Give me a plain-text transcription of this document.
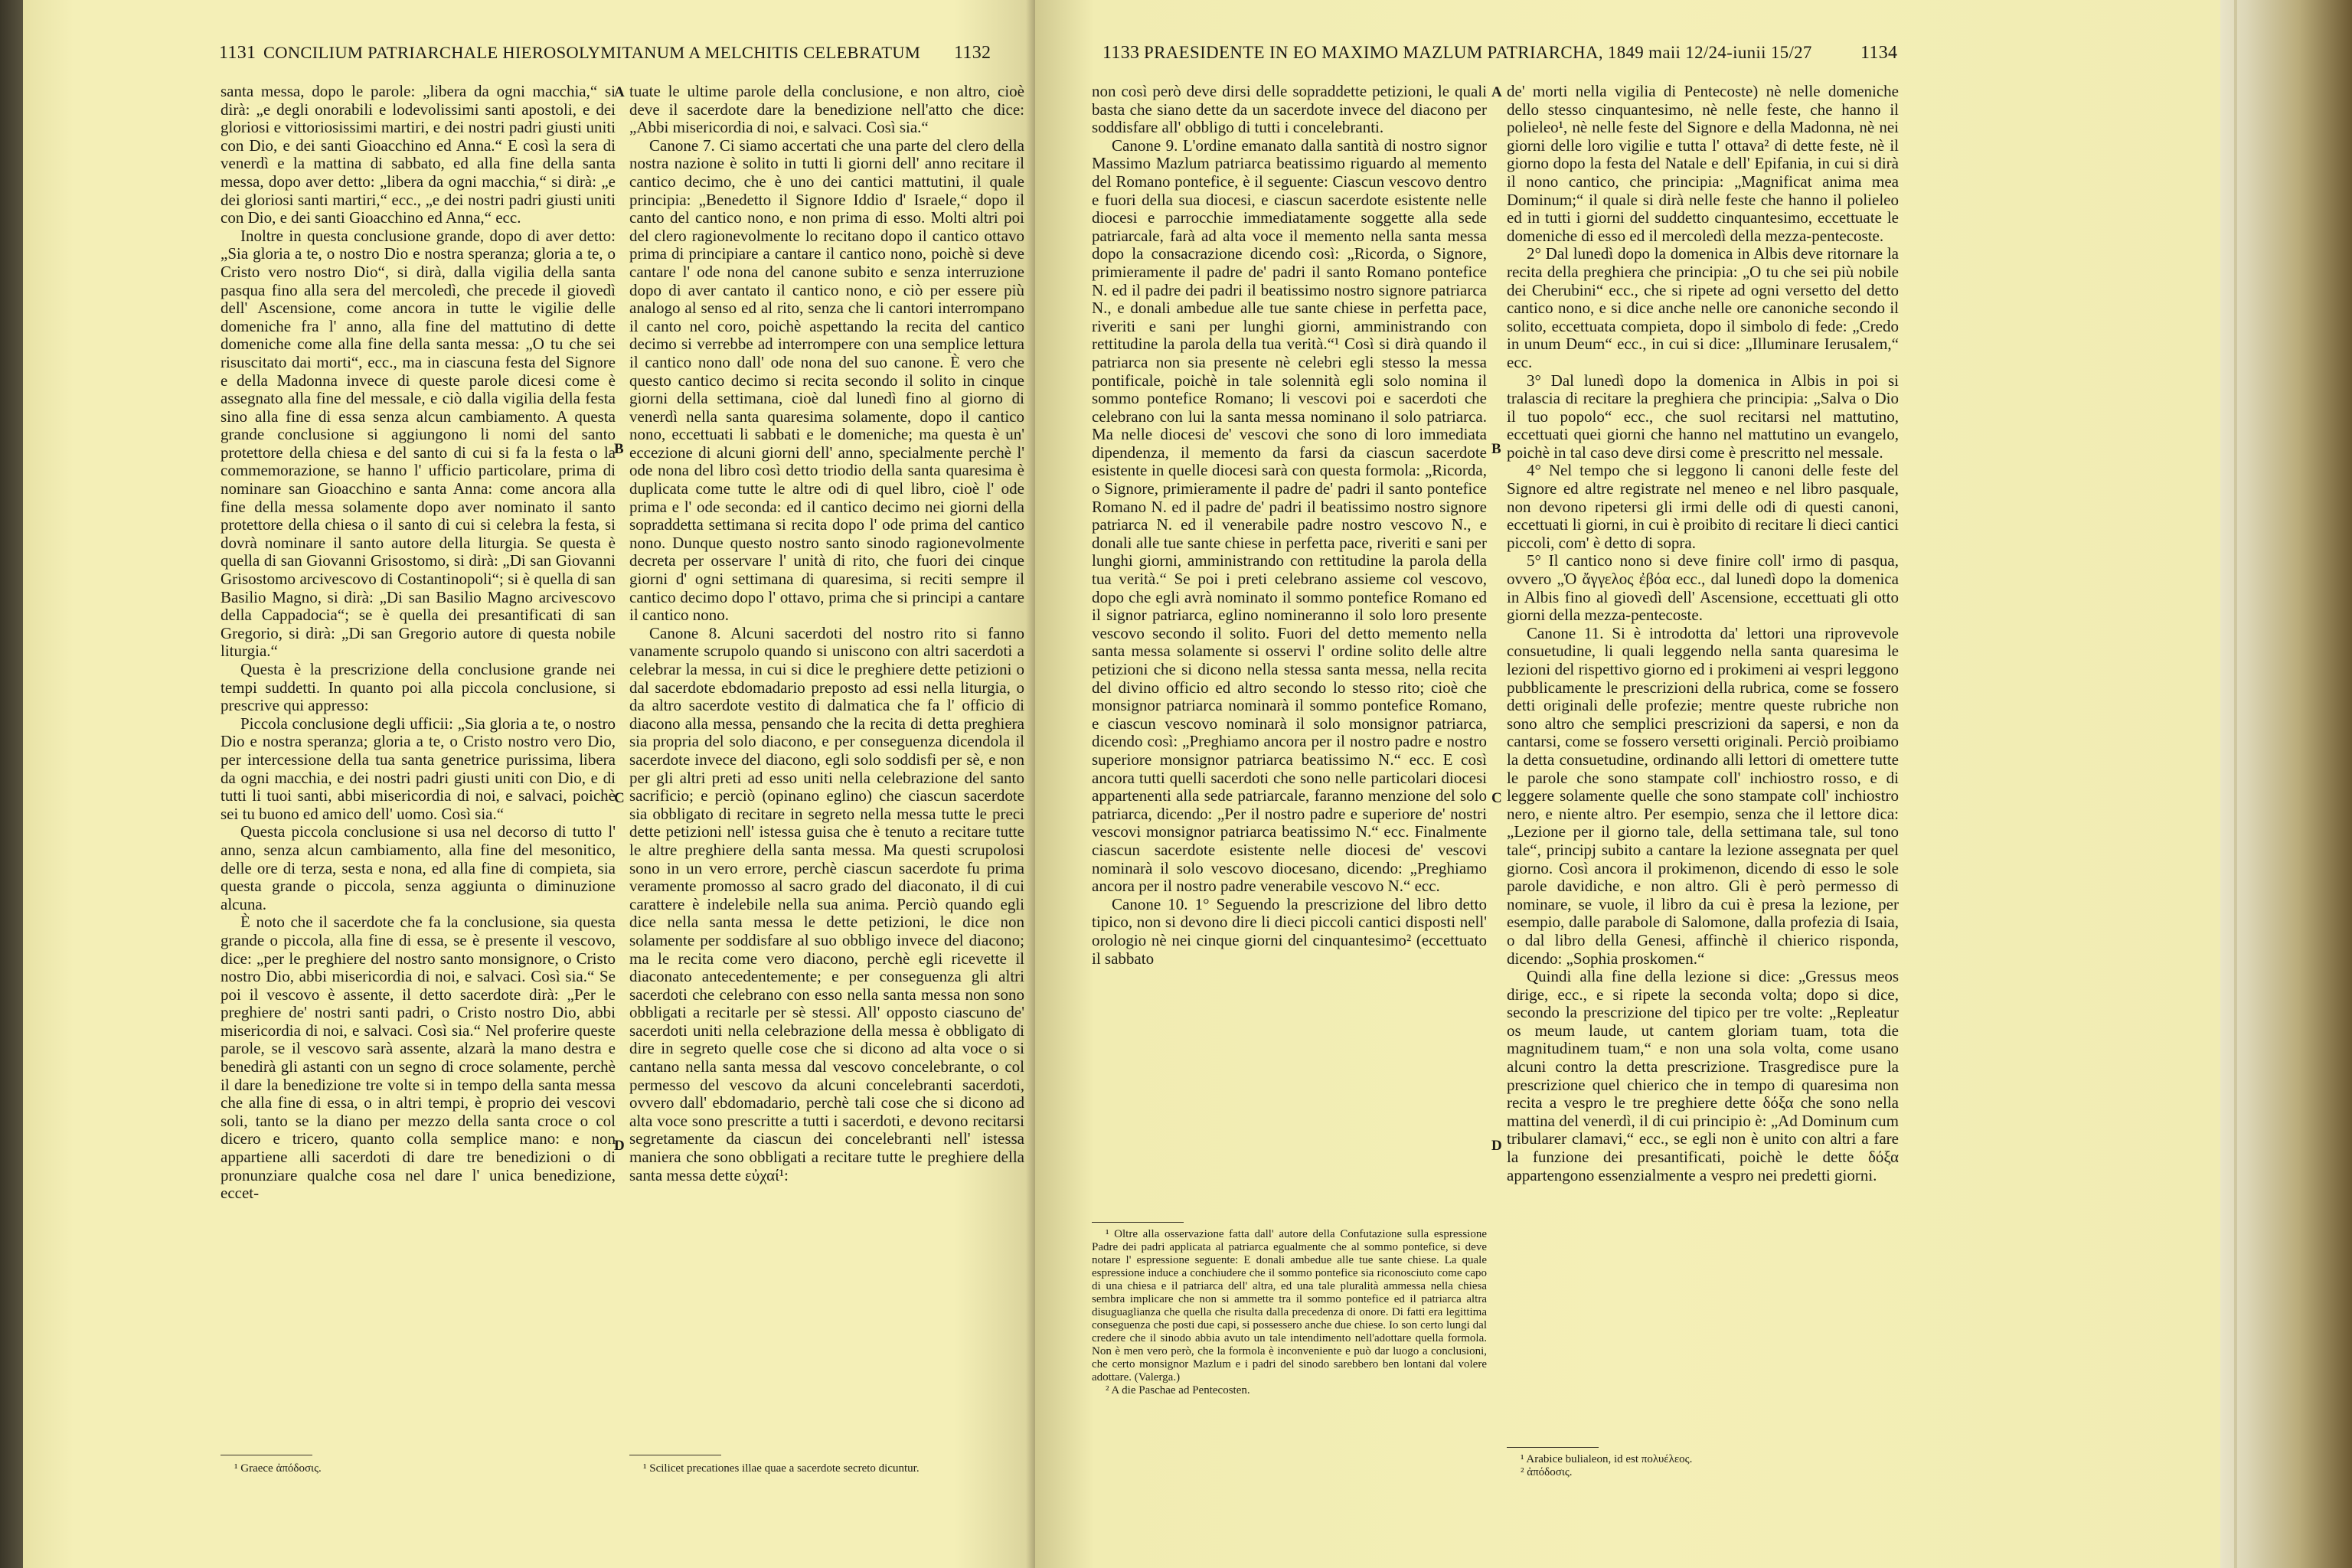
1131 CONCILIUM PATRIARCHALE HIEROSOLYMITANUM A MELCHITIS CELEBRATUM 1132

santa messa, dopo le parole: „libera da ogni macchia,“ si dirà: „e degli onorabili e lodevolissimi santi apostoli, e dei gloriosi e vittoriosissimi martiri, e dei nostri padri giusti uniti con Dio, e dei santi Gioacchino ed Anna.“ E così la sera di venerdì e la mattina di sabbato, ed alla fine della santa messa, dopo aver detto: „libera da ogni macchia,“ si dirà: „e dei gloriosi santi martiri,“ ecc., „e dei nostri padri giusti uniti con Dio, e dei santi Gioacchino ed Anna,“ ecc.

Inoltre in questa conclusione grande, dopo di aver detto: „Sia gloria a te, o nostro Dio e nostra speranza; gloria a te, o Cristo vero nostro Dio“, si dirà, dalla vigilia della santa pasqua fino alla sera del mercoledì, che precede il giovedì dell' Ascensione, come ancora in tutte le vigilie delle domeniche fra l' anno, alla fine del mattutino di dette domeniche come alla fine della santa messa: „O tu che sei risuscitato dai morti“, ecc., ma in ciascuna festa del Signore e della Madonna invece di queste parole dicesi come è assegnato alla fine del messale, e ciò dalla vigilia della festa sino alla fine di essa senza alcun cambiamento. A questa grande conclusione si aggiungono li nomi del santo protettore della chiesa e del santo di cui si fa la festa o la commemorazione, se hanno l' ufficio particolare, prima di nominare san Gioacchino e santa Anna: come ancora alla fine della messa solamente dopo aver nominato il santo protettore della chiesa o il santo di cui si celebra la festa, si dovrà nominare il santo autore della liturgia. Se questa è quella di san Giovanni Grisostomo, si dirà: „Di san Giovanni Grisostomo arcivescovo di Costantinopoli“; si è quella di san Basilio Magno, si dirà: „Di san Basilio Magno arcivescovo della Cappadocia“; se è quella dei presantificati di san Gregorio, si dirà: „Di san Gregorio autore di questa nobile liturgia.“

Questa è la prescrizione della conclusione grande nei tempi suddetti. In quanto poi alla piccola conclusione, si prescrive qui appresso:

Piccola conclusione degli ufficii: „Sia gloria a te, o nostro Dio e nostra speranza; gloria a te, o Cristo nostro vero Dio, per intercessione della tua santa genetrice purissima, libera da ogni macchia, e dei nostri padri giusti uniti con Dio, e di tutti li tuoi santi, abbi misericordia di noi, e salvaci, poichè sei tu buono ed amico dell' uomo. Così sia.“

Questa piccola conclusione si usa nel decorso di tutto l' anno, senza alcun cambiamento, alla fine del mesonitico, delle ore di terza, sesta e nona, ed alla fine di compieta, sia questa grande o piccola, senza aggiunta o diminuzione alcuna.

È noto che il sacerdote che fa la conclusione, sia questa grande o piccola, alla fine di essa, se è presente il vescovo, dice: „per le preghiere del nostro santo monsignore, o Cristo nostro Dio, abbi misericordia di noi, e salvaci. Così sia.“ Se poi il vescovo è assente, il detto sacerdote dirà: „Per le preghiere de' nostri santi padri, o Cristo nostro Dio, abbi misericordia di noi, e salvaci. Così sia.“ Nel proferire queste parole, se il vescovo sarà assente, alzarà la mano destra e benedirà gli astanti con un segno di croce solamente, perchè il dare la benedizione tre volte si in tempo della santa messa che alla fine di essa, o in altri tempi, è proprio dei vescovi soli, tanto se la diano per mezzo della santa croce o col dicero e tricero, quanto colla semplice mano: e non appartiene alli sacerdoti di dare tre benedizioni o di pronunziare qualche cosa nel dare l' unica benedizione, eccet-

¹ Graece ἀπόδοσις.

A
B
C
D

tuate le ultime parole della conclusione, e non altro, cioè deve il sacerdote dare la benedizione nell'atto che dice: „Abbi misericordia di noi, e salvaci. Così sia.“

Canone 7. Ci siamo accertati che una parte del clero della nostra nazione è solito in tutti li giorni dell' anno recitare il cantico decimo, che è uno dei cantici mattutini, il quale principia: „Benedetto il Signore Iddio d' Israele,“ dopo il canto del cantico nono, e non prima di esso. Molti altri poi del clero ragionevolmente lo recitano dopo il cantico ottavo prima di principiare a cantare il cantico nono, poichè si deve cantare l' ode nona del canone subito e senza interruzione dopo di aver cantato il cantico nono, e ciò per essere più analogo al senso ed al rito, senza che li cantori interrompano il canto nel coro, poichè aspettando la recita del cantico decimo si verrebbe ad interrompere con una semplice lettura il cantico nono dall' ode nona del suo canone. È vero che questo cantico decimo si recita secondo il solito in cinque giorni della settimana, cioè dal lunedì fino al giorno di venerdì nella santa quaresima solamente, dopo il cantico nono, eccettuati li sabbati e le domeniche; ma questa è un' eccezione di alcuni giorni dell' anno, specialmente perchè l' ode nona del libro così detto triodio della santa quaresima è duplicata come tutte le altre odi di quel libro, cioè l' ode prima e l' ode seconda: ed il cantico decimo nei giorni della sopraddetta settimana si recita dopo l' ode prima del cantico nono. Dunque questo nostro santo sinodo ragionevolmente decreta per osservare l' unità di rito, che fuori dei cinque giorni d' ogni settimana di quaresima, si reciti sempre il cantico decimo dopo l' ottavo, prima che si principi a cantare il cantico nono.

Canone 8. Alcuni sacerdoti del nostro rito si fanno vanamente scrupolo quando si uniscono con altri sacerdoti a celebrar la messa, in cui si dice le preghiere dette petizioni o dal sacerdote ebdomadario preposto ad essi nella liturgia, o da altro sacerdote vestito di dalmatica che fa l' officio di diacono alla messa, pensando che la recita di detta preghiera sia propria del solo diacono, e per conseguenza dicendola il sacerdote invece del diacono, egli solo soddisfi per sè, e non per gli altri preti ad esso uniti nella celebrazione del santo sacrificio; e perciò (opinano eglino) che ciascun sacerdote sia obbligato di recitare in segreto nella messa tutte le preci dette petizioni nell' istessa guisa che è tenuto a recitare tutte le altre preghiere della santa messa. Ma questi scrupolosi sono in un vero errore, perchè ciascun sacerdote fu prima veramente promosso al sacro grado del diaconato, il di cui carattere è indelebile nella sua anima. Perciò quando egli dice nella santa messa le dette petizioni, le dice non solamente per soddisfare al suo obbligo invece del diacono; ma le recita come vero diacono, perchè egli ricevette il diaconato antecedentemente; e per conseguenza gli altri sacerdoti che celebrano con esso nella santa messa non sono obbligati a recitarle per sè stessi. All' opposto ciascuno de' sacerdoti uniti nella celebrazione della messa è obbligato di dire in segreto quelle cose che si dicono ad alta voce o si cantano nella santa messa dal vescovo concelebrante, o col permesso del vescovo da alcuni concelebranti sacerdoti, ovvero dall' ebdomadario, perchè tali cose che si dicono ad alta voce sono prescritte a tutti i sacerdoti, e devono recitarsi segretamente da ciascun dei concelebranti nell' istessa maniera che sono obbligati a recitare tutte le preghiere della santa messa dette εὐχαί¹:

¹ Scilicet precationes illae quae a sacerdote secreto dicuntur.

1133 PRAESIDENTE IN EO MAXIMO MAZLUM PATRIARCHA, 1849 maii 12/24-iunii 15/27	1134

non così però deve dirsi delle sopraddette petizioni, le quali basta che siano dette da un sacerdote invece del diacono per soddisfare all' obbligo di tutti i concelebranti.

Canone 9. L'ordine emanato dalla santità di nostro signor Massimo Mazlum patriarca beatissimo riguardo al memento del Romano pontefice, è il seguente: Ciascun vescovo dentro e fuori della sua diocesi, e ciascun sacerdote esistente nelle diocesi e parrocchie immediatamente soggette alla sede patriarcale, farà ad alta voce il memento nella santa messa dopo la consacrazione dicendo così: „Ricorda, o Signore, primieramente il padre de' padri il santo Romano pontefice N. ed il padre dei padri il beatissimo nostro signore patriarca N., e donali ambedue alle tue sante chiese in perfetta pace, riveriti e sani per lunghi giorni, amministrando con rettitudine la parola della tua verità.“¹ Così si dirà quando il patriarca non sia presente nè celebri egli stesso la messa pontificale, poichè in tale solennità egli solo nomina il sommo pontefice Romano; li vescovi poi e sacerdoti che celebrano con lui la santa messa nominano il solo patriarca. Ma nelle diocesi de' vescovi che sono di loro immediata dipendenza, il memento da farsi da ciascun sacerdote esistente in quelle diocesi sarà con questa formola: „Ricorda, o Signore, primieramente il padre de' padri il santo pontefice Romano N. ed il padre de' padri il beatissimo nostro signore patriarca N. ed il venerabile padre nostro vescovo N., e donali alle tue sante chiese in perfetta pace, riveriti e sani per lunghi giorni, amministrando con rettitudine la parola della tua verità.“ Se poi i preti celebrano assieme col vescovo, dopo che egli avrà nominato il sommo pontefice Romano ed il signor patriarca, eglino nomineranno il solo loro presente vescovo secondo il solito. Fuori del detto memento nella santa messa solamente si osservi l' ordine solito delle altre petizioni che si dicono nella stessa santa messa, nella recita del divino officio ed altro secondo lo stesso rito; cioè che monsignor patriarca nominarà il sommo pontefice Romano, e ciascun vescovo nominarà il solo monsignor patriarca, dicendo così: „Preghiamo ancora per il nostro padre e nostro superiore monsignor patriarca beatissimo N.“ ecc. E così ancora tutti quelli sacerdoti che sono nelle particolari diocesi appartenenti alla sede patriarcale, faranno menzione del solo patriarca, dicendo: „Per il nostro padre e superiore de' nostri vescovi monsignor patriarca beatissimo N.“ ecc. Finalmente ciascun sacerdote esistente nelle diocesi de' vescovi nominarà il solo vescovo diocesano, dicendo: „Preghiamo ancora per il nostro padre venerabile vescovo N.“ ecc.

Canone 10. 1° Seguendo la prescrizione del libro detto tipico, non si devono dire li dieci piccoli cantici disposti nell' orologio nè nei cinque giorni del cinquantesimo² (eccettuato il sabbato

¹ Oltre alla osservazione fatta dall' autore della Confutazione sulla espressione Padre dei padri applicata al patriarca egualmente che al sommo pontefice, si deve notare l' espressione seguente: E donali ambedue alle tue sante chiese. La quale espressione induce a conchiudere che il sommo pontefice sia riconosciuto come capo di una chiesa e il patriarca dell' altra, ed una tale pluralità ammessa nella chiesa sembra implicare che non si ammette tra il sommo pontefice ed il patriarca altra disuguaglianza che quella che risulta dalla precedenza di onore. Di fatti era legittima conseguenza che posti due capi, si possessero anche due chiese. Io son certo lungi dal credere che il sinodo abbia avuto un tale intendimento nell'adottare quella formola. Non è men vero però, che la formola è inconveniente e può dar luogo a conclusioni, che certo monsignor Mazlum e i padri del sinodo sarebbero ben lontani dal volere adottare. (Valerga.)

² A die Paschae ad Pentecosten.

A
B
C
D

de' morti nella vigilia di Pentecoste) nè nelle domeniche dello stesso cinquantesimo, nè nelle feste, che hanno il polieleo¹, nè nelle feste del Signore e della Madonna, nè nei giorni delle loro vigilie e tutta l' ottava² di dette feste, nè il giorno dopo la festa del Natale e dell' Epifania, in cui si dirà il nono cantico, che principia: „Magnificat anima mea Dominum;“ il quale si dirà nelle feste che hanno il polieleo ed in tutti i giorni del suddetto cinquantesimo, eccettuate le domeniche di esso ed il mercoledì della mezza-pentecoste.

2° Dal lunedì dopo la domenica in Albis deve ritornare la recita della preghiera che principia: „O tu che sei più nobile dei Cherubini“ ecc., che si ripete ad ogni versetto del detto cantico nono, e si dice anche nelle ore canoniche secondo il solito, eccettuata compieta, dopo il simbolo di fede: „Credo in unum Deum“ ecc., in cui si dice: „Illuminare Ierusalem,“ ecc.

3° Dal lunedì dopo la domenica in Albis in poi si tralascia di recitare la preghiera che principia: „Salva o Dio il tuo popolo“ ecc., che suol recitarsi nel mattutino, eccettuati quei giorni che hanno nel mattutino un evangelo, poichè in tal caso deve dirsi come è prescritto nel messale.

4° Nel tempo che si leggono li canoni delle feste del Signore ed altre registrate nel meneo e nel libro pasquale, non devono ripetersi gli irmi delle odi di questi canoni, eccettuati li giorni, in cui è proibito di recitare li dieci cantici piccoli, com' è detto di sopra.

5° Il cantico nono si deve finire coll' irmo di pasqua, ovvero „Ὁ ἄγγελος ἐβόα ecc., dal lunedì dopo la domenica in Albis fino al giovedì dell' Ascensione, eccettuati gli otto giorni della mezza-pentecoste.

Canone 11. Si è introdotta da' lettori una riprovevole consuetudine, li quali leggendo nella santa quaresima le lezioni del rispettivo giorno ed i prokimeni ai vespri leggono pubblicamente le prescrizioni della rubrica, come se fossero detti originali delle profezie; mentre queste rubriche non sono altro che semplici prescrizioni da sapersi, e non da cantarsi, come se fossero versetti originali. Perciò proibiamo la detta consuetudine, ordinando alli lettori di omettere tutte le parole che sono stampate coll' inchiostro rosso, e di leggere solamente quelle che sono stampate coll' inchiostro nero, e niente altro. Per esempio, senza che il lettore dica: „Lezione per il giorno tale, della settimana tale, sul tono tale“, principj subito a cantare la lezione assegnata per quel giorno. Così ancora il prokimenon, dicendo di esso le sole parole davidiche, e non altro. Gli è però permesso di nominare, se vuole, il libro da cui è presa la lezione, per esempio, dalle parabole di Salomone, dalla profezia di Isaia, o dal libro della Genesi, affinchè il chierico risponda, dicendo: „Sophia proskomen.“

Quindi alla fine della lezione si dice: „Gressus meos dirige, ecc., e si ripete la seconda volta; dopo si dice, secondo la prescrizione del tipico per tre volte: „Repleatur os meum laude, ut cantem gloriam tuam, tota die magnitudinem tuam,“ e non una sola volta, come usano alcuni contro la detta prescrizione. Trasgredisce pure la prescrizione quel chierico che in tempo di quaresima non recita a vespro le tre preghiere dette δόξα che sono nella mattina del venerdì, il di cui principio è: „Ad Dominum cum tribularer clamavi,“ ecc., se egli non è unito con altri a fare la funzione dei presantificati, poichè le dette δόξα appartengono essenzialmente a vespro nei predetti giorni.

¹ Arabice bulialeon, id est πολυέλεος.

² ἀπόδοσις.
